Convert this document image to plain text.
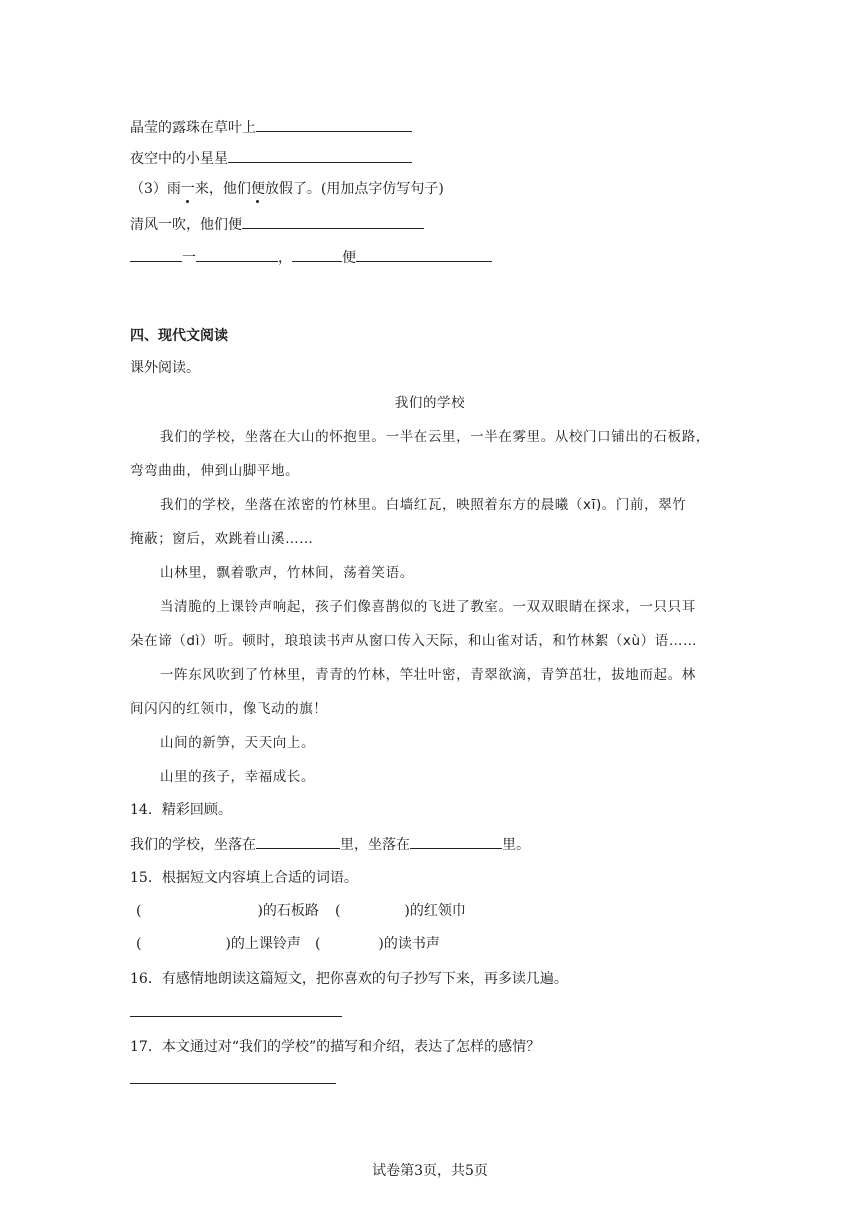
晶莹的露珠在草叶上
夜空中的小星星
（3）雨一来，他们便放假了。(用加点字仿写句子)
清风一吹，他们便
一	，	便
四、现代文阅读
课外阅读。
我们的学校
我们的学校，坐落在大山的怀抱里。一半在云里，一半在雾里。从校门口铺出的石板路，
弯弯曲曲，伸到山脚平地。
我们的学校，坐落在浓密的竹林里。白墙红瓦，映照着东方的晨曦（xī)。门前，翠竹
掩蔽；窗后，欢跳着山溪……
山林里，飘着歌声，竹林间，荡着笑语。
当清脆的上课铃声响起，孩子们像喜鹊似的飞进了教室。一双双眼睛在探求，一只只耳
朵在谛（dì）听。顿时，琅琅读书声从窗口传入天际，和山雀对话，和竹林絮（xù）语……
一阵东风吹到了竹林里，青青的竹林，竿壮叶密，青翠欲滴，青笋茁壮，拔地而起。林
间闪闪的红领巾，像飞动的旗！
山间的新笋，天天向上。
山里的孩子，幸福成长。
14．精彩回顾。
我们的学校，坐落在	里，坐落在	里。
15．根据短文内容填上合适的词语。
(	)的石板路 (	)的红领巾
(	)的上课铃声 (	)的读书声
16．有感情地朗读这篇短文，把你喜欢的句子抄写下来，再多读几遍。
17．本文通过对“我们的学校”的描写和介绍，表达了怎样的感情？
试卷第3页，共5页
